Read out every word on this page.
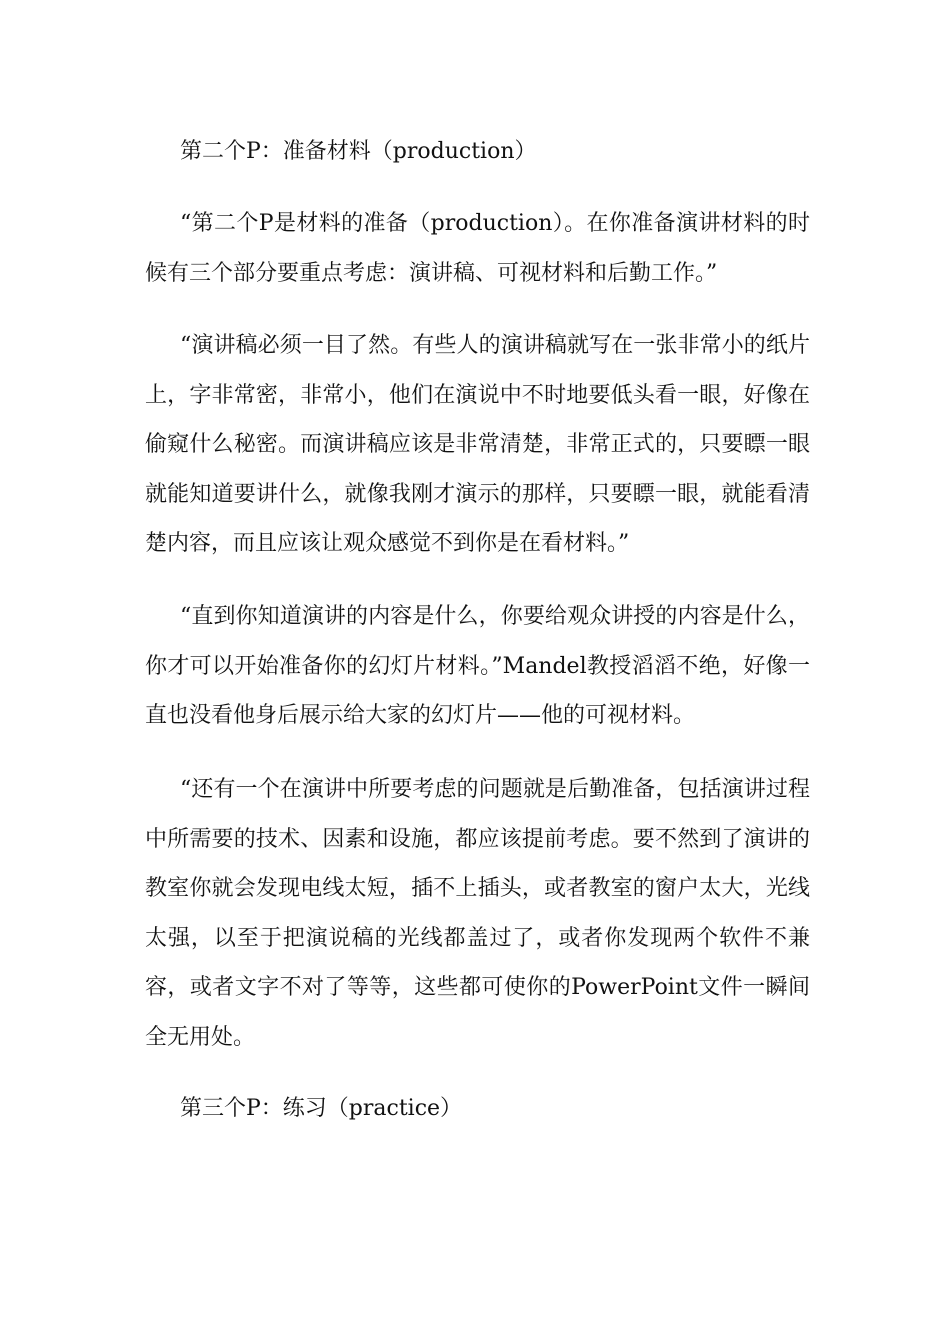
第二个P：准备材料（production）

“第二个P是材料的准备（production）。在你准备演讲材料的时候有三个部分要重点考虑：演讲稿、可视材料和后勤工作。”

“演讲稿必须一目了然。有些人的演讲稿就写在一张非常小的纸片上，字非常密，非常小，他们在演说中不时地要低头看一眼，好像在偷窥什么秘密。而演讲稿应该是非常清楚，非常正式的，只要瞟一眼就能知道要讲什么，就像我刚才演示的那样，只要瞟一眼，就能看清楚内容，而且应该让观众感觉不到你是在看材料。”

“直到你知道演讲的内容是什么，你要给观众讲授的内容是什么，你才可以开始准备你的幻灯片材料。”Mandel教授滔滔不绝，好像一直也没看他身后展示给大家的幻灯片——他的可视材料。

“还有一个在演讲中所要考虑的问题就是后勤准备，包括演讲过程中所需要的技术、因素和设施，都应该提前考虑。要不然到了演讲的教室你就会发现电线太短，插不上插头，或者教室的窗户太大，光线太强，以至于把演说稿的光线都盖过了，或者你发现两个软件不兼容，或者文字不对了等等，这些都可使你的PowerPoint文件一瞬间全无用处。

第三个P：练习（practice）
